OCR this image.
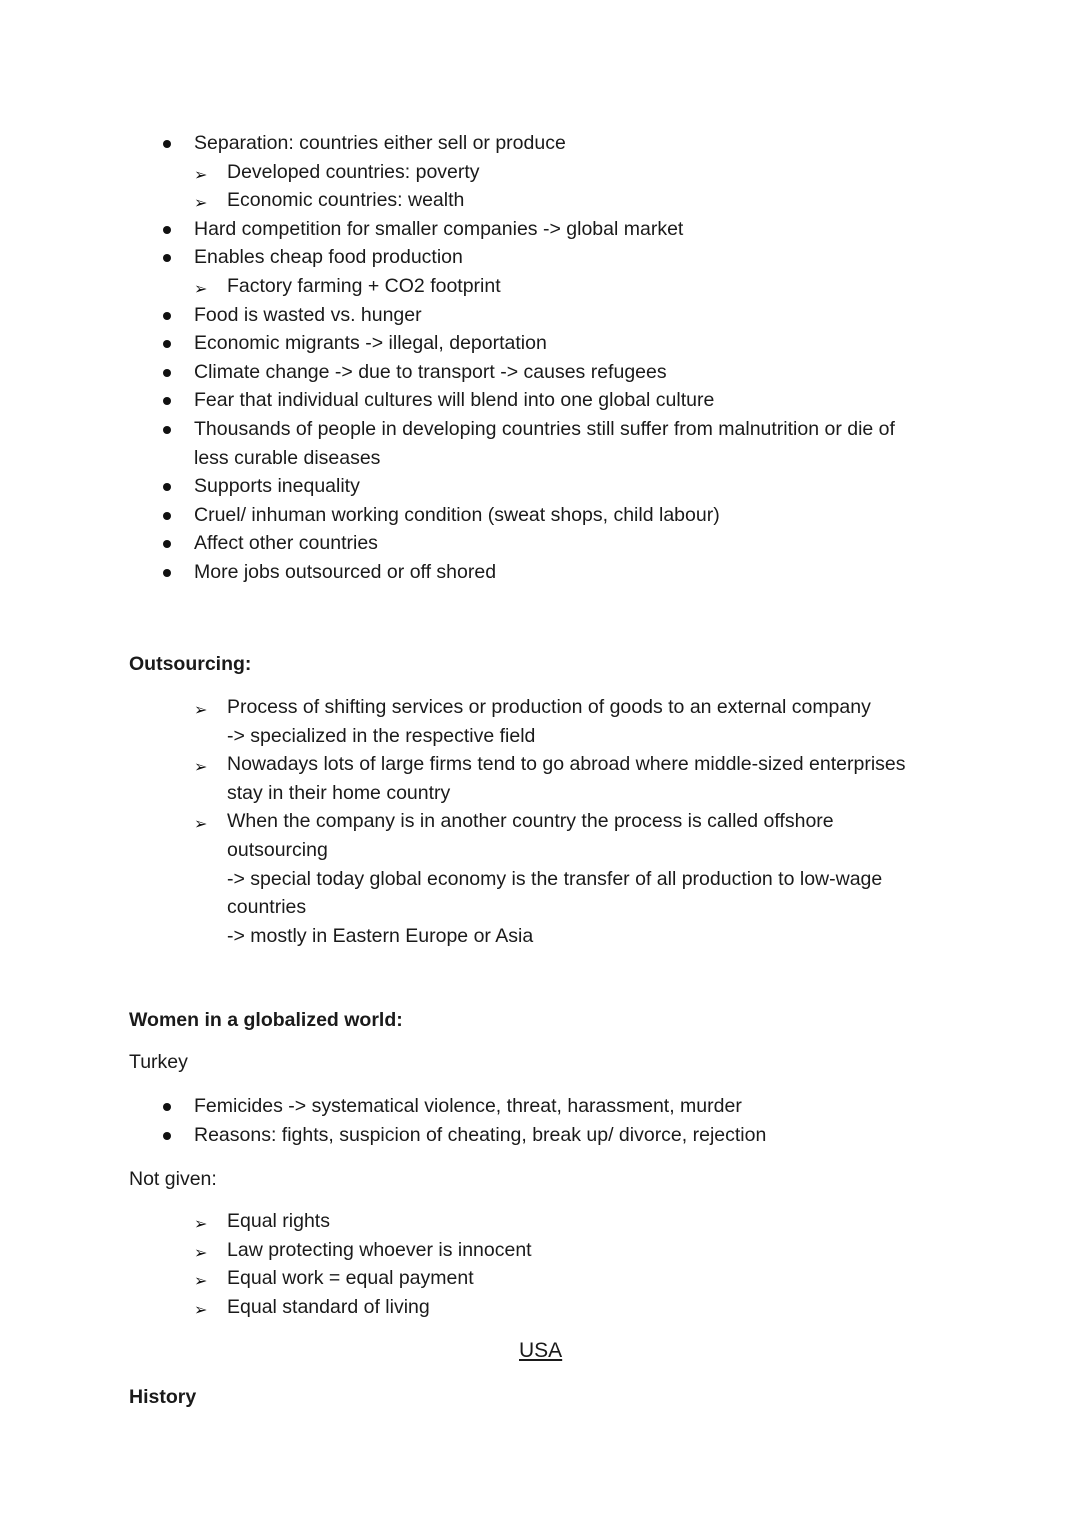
Separation: countries either sell or produce
➢ Developed countries: poverty
➢ Economic countries: wealth
Hard competition for smaller companies -> global market
Enables cheap food production
➢ Factory farming + CO2 footprint
Food is wasted vs. hunger
Economic migrants -> illegal, deportation
Climate change -> due to transport -> causes refugees
Fear that individual cultures will blend into one global culture
Thousands of people in developing countries still suffer from malnutrition or die of
less curable diseases
Supports inequality
Cruel/ inhuman working condition (sweat shops, child labour)
Affect other countries
More jobs outsourced or off shored
Outsourcing:
➢ Process of shifting services or production of goods to an external company
-> specialized in the respective field
➢ Nowadays lots of large firms tend to go abroad where middle-sized enterprises
stay in their home country
➢ When the company is in another country the process is called offshore
outsourcing
-> special today global economy is the transfer of all production to low-wage
countries
-> mostly in Eastern Europe or Asia
Women in a globalized world:
Turkey
Femicides -> systematical violence, threat, harassment, murder
Reasons: fights, suspicion of cheating, break up/ divorce, rejection
Not given:
➢ Equal rights
➢ Law protecting whoever is innocent
➢ Equal work = equal payment
➢ Equal standard of living
USA
History
